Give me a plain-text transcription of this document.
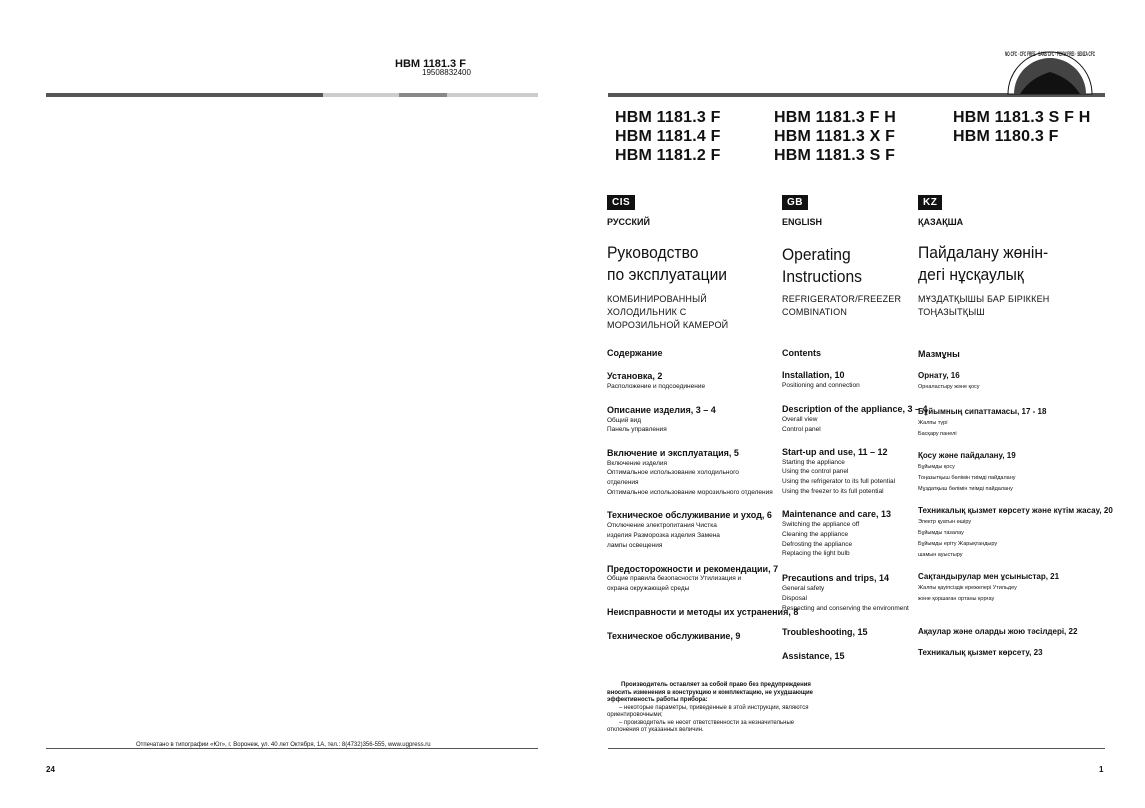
HBM 1181.3 F
19508832400
Отпечатано в типографии «Юг», г. Воронеж, ул. 40 лет Октября, 1А, тел.: 8(4732)356-555, www.ugpress.ru
24
NO CFC · CFC FREE · SANS CFC · FCKW FREI · SENZA CFC
HBM 1181.3 F
HBM 1181.4 F
HBM 1181.2 F
HBM 1181.3 F H
HBM 1181.3 X F
HBM 1181.3 S F
HBM 1181.3 S F H
HBM 1180.3 F
CIS
РУССКИЙ
Руководство
по эксплуатации
КОМБИНИРОВАННЫЙ
ХОЛОДИЛЬНИК С
МОРОЗИЛЬНОЙ КАМЕРОЙ
Содержание
Установка, 2
Расположение и подсоединение
Описание изделия, 3 – 4
Общий вид
Панель управления
Включение и эксплуатация, 5
Включение изделия
Оптимальное использование холодильного
отделения
Оптимальное использование морозильного отделения
Техническое обслуживание и уход, 6
Отключение электропитания Чистка
изделия Разморозка изделия Замена
лампы освещения
Предосторожности и рекомендации, 7
Общие правила безопасности Утилизация и
охрана окружающей среды
Неисправности и методы их устранения, 8
Техническое обслуживание, 9
Производитель оставляет за собой право без предупреждения
вносить изменения в конструкцию и комплектацию, не ухудшающие
эффективность работы прибора:
– некоторые параметры, приведенные в этой инструкции, являются
ориентировочными;
– производитель не несет ответственности за незначительные
отклонения от указанных величин.
GB
ENGLISH
Operating
Instructions
REFRIGERATOR/FREEZER
COMBINATION
Contents
Installation, 10
Positioning and connection
Description of the appliance, 3 – 4
Overall view
Control panel
Start-up and use, 11 – 12
Starting the appliance
Using the control panel
Using the refrigerator to its full potential
Using the freezer to its full potential
Maintenance and care, 13
Switching the appliance off
Cleaning the appliance
Defrosting the appliance
Replacing the light bulb
Precautions and trips, 14
General safety
Disposal
Respecting and conserving the environment
Troubleshooting, 15
Assistance, 15
KZ
ҚАЗАҚША
Пайдалану жөнін-
дегі нұсқаулық
МҰЗДАТҚЫШЫ БАР БІРІККЕН
ТОҢАЗЫТҚЫШ
Мазмұны
Орнату, 16
Орналастыру және қосу
Бұйымның сипаттамасы, 17 - 18
Жалпы түрі
Басқару панелі
Қосу және пайдалану, 19
Бұйымды қосу
Тоңазытқыш бөлімін тиімді пайдалану
Мұздатқыш бөлімін тиімді пайдалану
Техникалық қызмет көрсету және күтім жасау, 20
Электр қуатын өшіру
Бұйымды тазалау
Бұйымды еріту Жарықтандыру
шамын ауыстыру
Сақтандырулар мен ұсыныстар, 21
Жалпы қауіпсіздік ережелері Утильдеу
және қоршаған ортаны қорғау
Ақаулар және оларды жою тәсілдері, 22
Техникалық қызмет көрсету, 23
1
